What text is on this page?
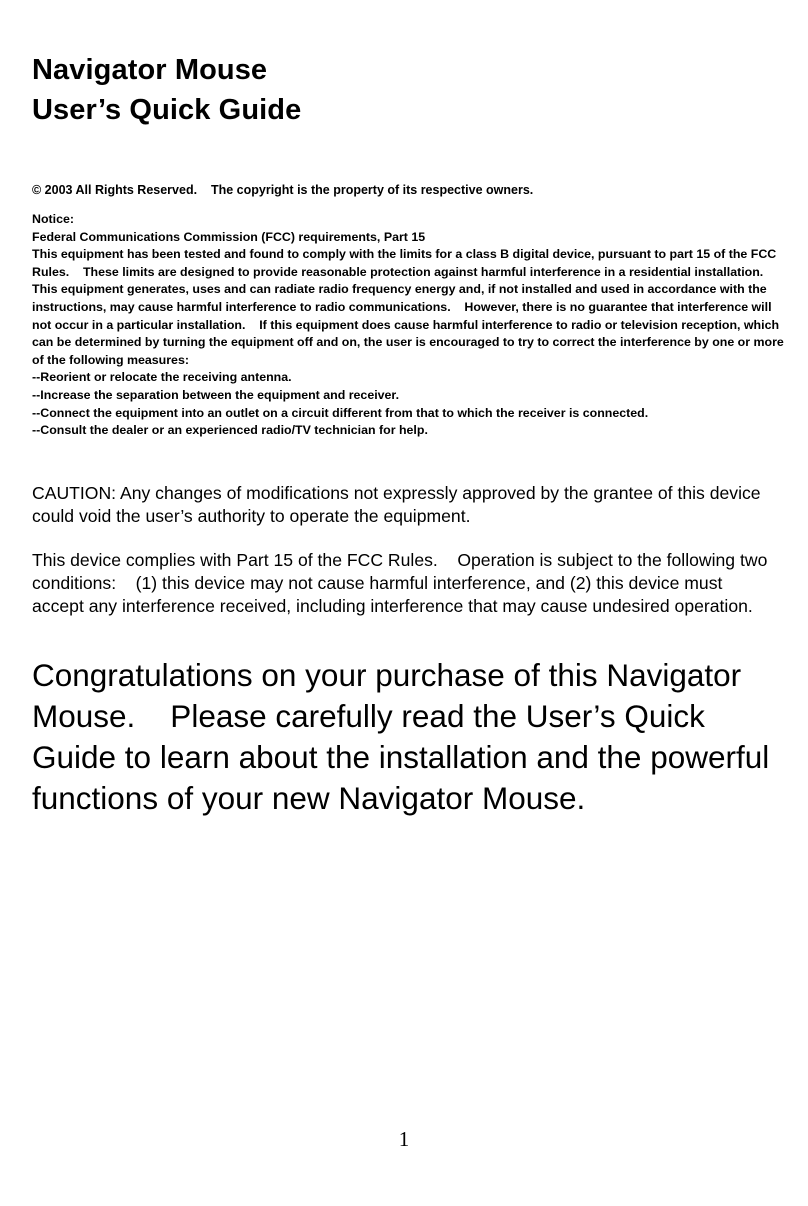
Navigator Mouse
User’s Quick Guide

© 2003 All Rights Reserved.    The copyright is the property of its respective owners.

Notice:

Federal Communications Commission (FCC) requirements, Part 15

This equipment has been tested and found to comply with the limits for a class B digital device, pursuant to part 15 of the FCC

Rules.    These limits are designed to provide reasonable protection against harmful interference in a residential installation.

This equipment generates, uses and can radiate radio frequency energy and, if not installed and used in accordance with the

instructions, may cause harmful interference to radio communications.    However, there is no guarantee that interference will

not occur in a particular installation.    If this equipment does cause harmful interference to radio or television reception, which

can be determined by turning the equipment off and on, the user is encouraged to try to correct the interference by one or more

of the following measures:

--Reorient or relocate the receiving antenna.

--Increase the separation between the equipment and receiver.

--Connect the equipment into an outlet on a circuit different from that to which the receiver is connected.

--Consult the dealer or an experienced radio/TV technician for help.

CAUTION: Any changes of modifications not expressly approved by the grantee of this device

could void the user’s authority to operate the equipment.

This device complies with Part 15 of the FCC Rules.    Operation is subject to the following two

conditions:    (1) this device may not cause harmful interference, and (2) this device must

accept any interference received, including interference that may cause undesired operation.

Congratulations on your purchase of this Navigator

Mouse.    Please carefully read the User’s Quick

Guide to learn about the installation and the powerful

functions of your new Navigator Mouse.

1
